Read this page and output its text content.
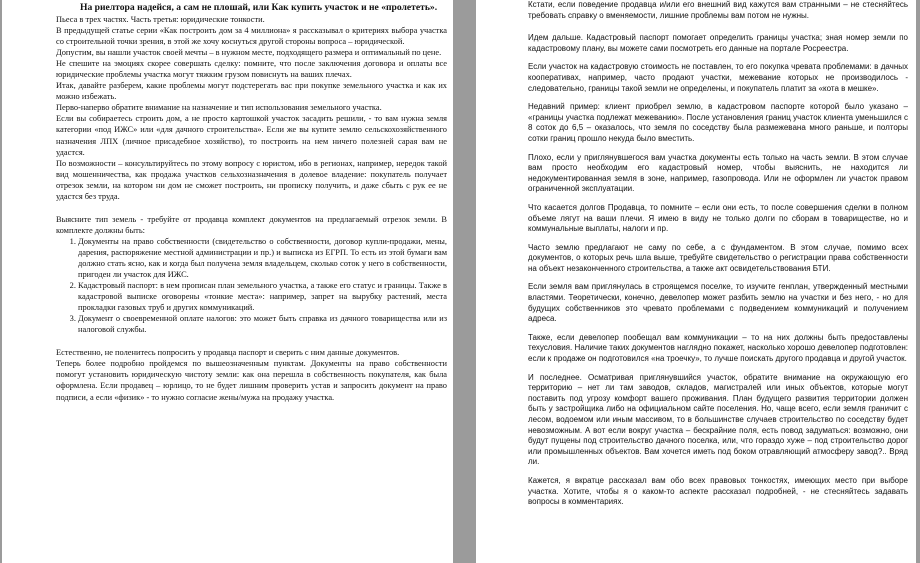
На риелтора надейся, а сам не плошай, или Как купить участок и не «пролететь».

Пьеса в трех частях. Часть третья: юридические тонкости.

В предыдущей статье серии «Как построить дом за 4 миллиона» я рассказывал о критериях выбора участка со строительной точки зрения, в этой же хочу коснуться другой стороны вопроса – юридической.

Допустим, вы нашли участок своей мечты – в нужном месте, подходящего размера и оптимальный по цене.

Не спешите на эмоциях скорее совершать сделку: помните, что после заключения договора и оплаты все юридические проблемы участка могут тяжким грузом повиснуть на ваших плечах.

Итак, давайте разберем, какие проблемы могут подстерегать вас при покупке земельного участка и как их можно избежать.

Перво-наперво обратите внимание на назначение и тип использования земельного участка.

Если вы собираетесь строить дом, а не просто картошкой участок засадить решили, - то вам нужна земля категории «под ИЖС» или «для дачного строительства». Если же вы купите землю сельскохозяйственного назначения ЛПХ (личное присадебное хозяйство), то построить на нем ничего полезней сарая вам не удастся.

По возможности – консультируйтесь по этому вопросу с юристом, ибо в регионах, например, нередок такой вид мошенничества, как продажа участков сельхозназначения в долевое владение: покупатель получает отрезок земли, на котором ни дом не сможет построить, ни прописку получить, и даже сбыть с рук ее не удастся без труда.

Выясните тип земель - требуйте от продавца комплект документов на предлагаемый отрезок земли. В комплекте должны быть:

1. Документы на право собственности (свидетельство о собственности, договор купли-продажи, мены, дарения, распоряжение местной администрации и пр.) и выписка из ЕГРП. То есть из этой бумаги вам должно стать ясно, как и когда был получена земля владельцем, сколько соток у него в собственности, пригоден ли участок для ИЖС.
2. Кадастровый паспорт: в нем прописан план земельного участка, а также его статус и границы. Также в кадастровой выписке оговорены «тонкие места»: например, запрет на вырубку растений, места прокладки газовых труб и других коммуникаций.
3. Документ о своевременной оплате налогов: это может быть справка из дачного товарищества или из налоговой службы.

Естественно, не поленитесь попросить у продавца паспорт и сверить с ним данные документов.

Теперь более подробно пройдемся по вышеозначенным пунктам. Документы на право собственности помогут установить юридическую чистоту земли: как она перешла в собственность покупателя, как была оформлена. Если продавец – юрлицо, то не будет лишним проверить устав и запросить документ на право подписи, а если «физик» - то нужно согласие жены/мужа на продажу участка.

Кстати, если поведение продавца и/или его внешний вид кажутся вам странными – не стесняйтесь требовать справку о вменяемости, лишние проблемы вам потом не нужны.

Идем дальше. Кадастровый паспорт помогает определить границы участка; зная номер земли по кадастровому плану, вы можете сами посмотреть его данные на портале Росреестра.

Если участок на кадастровую стоимость не поставлен, то его покупка чревата проблемами: в дачных кооперативах, например, часто продают участки, межевание которых не производилось - следовательно, границы такой земли не определены, и покупатель платит за «кота в мешке».

Недавний пример: клиент приобрел землю, в кадастровом паспорте которой было указано – «границы участка подлежат межеванию». После установления границ участок клиента уменьшился с 8 соток до 6,5 – оказалось, что земля по соседству была размежевана много раньше, и полторы сотки границ прошло некуда было вместить.

Плохо, если у приглянувшегося вам участка документы есть только на часть земли. В этом случае вам просто необходим его кадастровый номер, чтобы выяснить, не находится ли недокументированная земля в зоне, например, газопровода. Или не оформлен ли участок правом ограниченной эксплуатации.

Что касается долгов Продавца, то помните – если они есть, то после совершения сделки в полном объеме лягут на ваши плечи. Я имею в виду не только долги по сборам в товариществе, но и коммунальные выплаты, налоги и пр.

Часто землю предлагают не саму по себе, а с фундаментом. В этом случае, помимо всех документов, о которых речь шла выше, требуйте свидетельство о регистрации права собственности на объект незаконченного строительства, а также акт освидетельствования БТИ.

Если земля вам приглянулась в строящемся поселке, то изучите генплан, утвержденный местными властями. Теоретически, конечно, девелопер может разбить землю на участки и без него, - но для будущих собственников это чревато проблемами с подведением коммуникаций и получением адреса.

Также, если девелопер пообещал вам коммуникации – то на них должны быть предоставлены техусловия. Наличие таких документов наглядно покажет, насколько хорошо девелопер подготовлен: если к продаже он подготовился «на троечку», то лучше поискать другого продавца и другой участок.

И последнее. Осматривая приглянувшийся участок, обратите внимание на окружающую его территорию – нет ли там заводов, складов, магистралей или иных объектов, которые могут поставить под угрозу комфорт вашего проживания. План будущего развития территории должен быть у застройщика либо на официальном сайте поселения. Но, чаще всего, если земля граничит с лесом, водоемом или иным массивом, то в большинстве случаев строительство по соседству будет невозможным. А вот если вокруг участка – бескрайние поля, есть повод задуматься: возможно, они будут пущены под строительство дачного поселка, или, что гораздо хуже – под строительство дорог или промышленных объектов. Вам хочется иметь под боком отравляющий атмосферу завод?.. Вряд ли.

Кажется, я вкратце рассказал вам обо всех правовых тонкостях, имеющих место при выборе участка. Хотите, чтобы я о каком-то аспекте рассказал подробней, - не стесняйтесь задавать вопросы в комментариях.
